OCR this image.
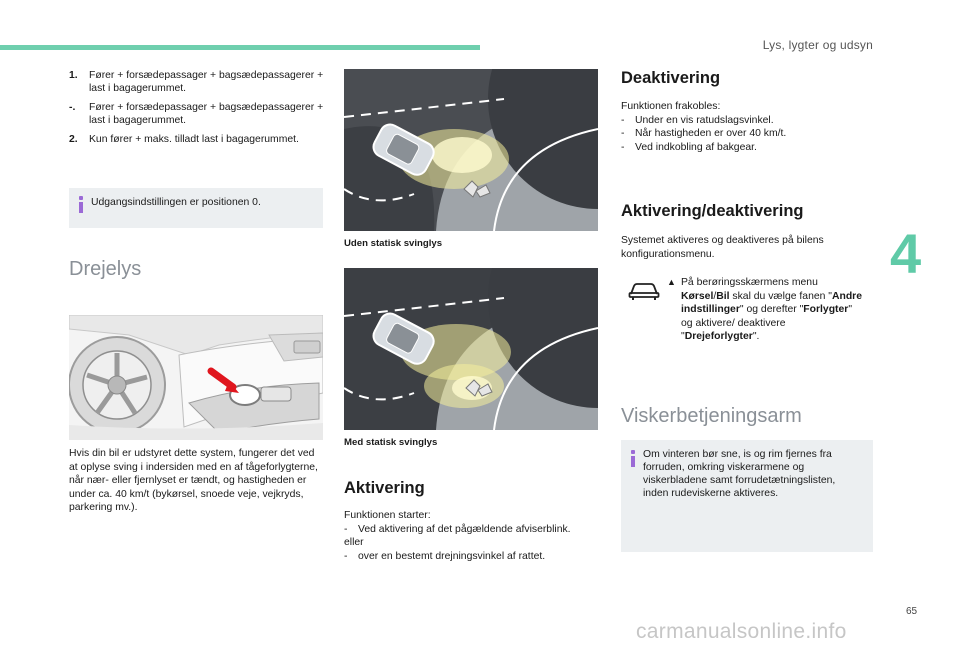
Lys, lygter og udsyn
4
1.	Fører + forsædepassager + bagsædepassagerer + last i bagagerummet.
-.	Fører + forsædepassager + bagsædepassagerer + last i bagagerummet.
2.	Kun fører + maks. tilladt last i bagagerummet.
Udgangsindstillingen er positionen 0.
Drejelys
Hvis din bil er udstyret dette system, fungerer det ved at oplyse sving i indersiden med en af tågeforlygterne, når nær- eller fjernlyset er tændt, og hastigheden er under ca. 40 km/t (bykørsel, snoede veje, vejkryds, parkering mv.).
Uden statisk svinglys
Med statisk svinglys
Aktivering
Funktionen starter:
-	Ved aktivering af det pågældende afviserblink.
eller
-	over en bestemt drejningsvinkel af rattet.
Deaktivering
Funktionen frakobles:
-	Under en vis ratudslagsvinkel.
-	Når hastigheden er over 40 km/t.
-	Ved indkobling af bakgear.
Aktivering/deaktivering
Systemet aktiveres og deaktiveres på bilens konfigurationsmenu.
▲ På berøringsskærmens menu Kørsel/Bil skal du vælge fanen "Andre indstillinger" og derefter "Forlygter" og aktivere/ deaktivere "Drejeforlygter".
Viskerbetjeningsarm
Om vinteren bør sne, is og rim fjernes fra forruden, omkring viskerarmene og viskerbladene samt forrudetætningslisten, inden rudeviskerne aktiveres.
65
carmanualsonline.info
